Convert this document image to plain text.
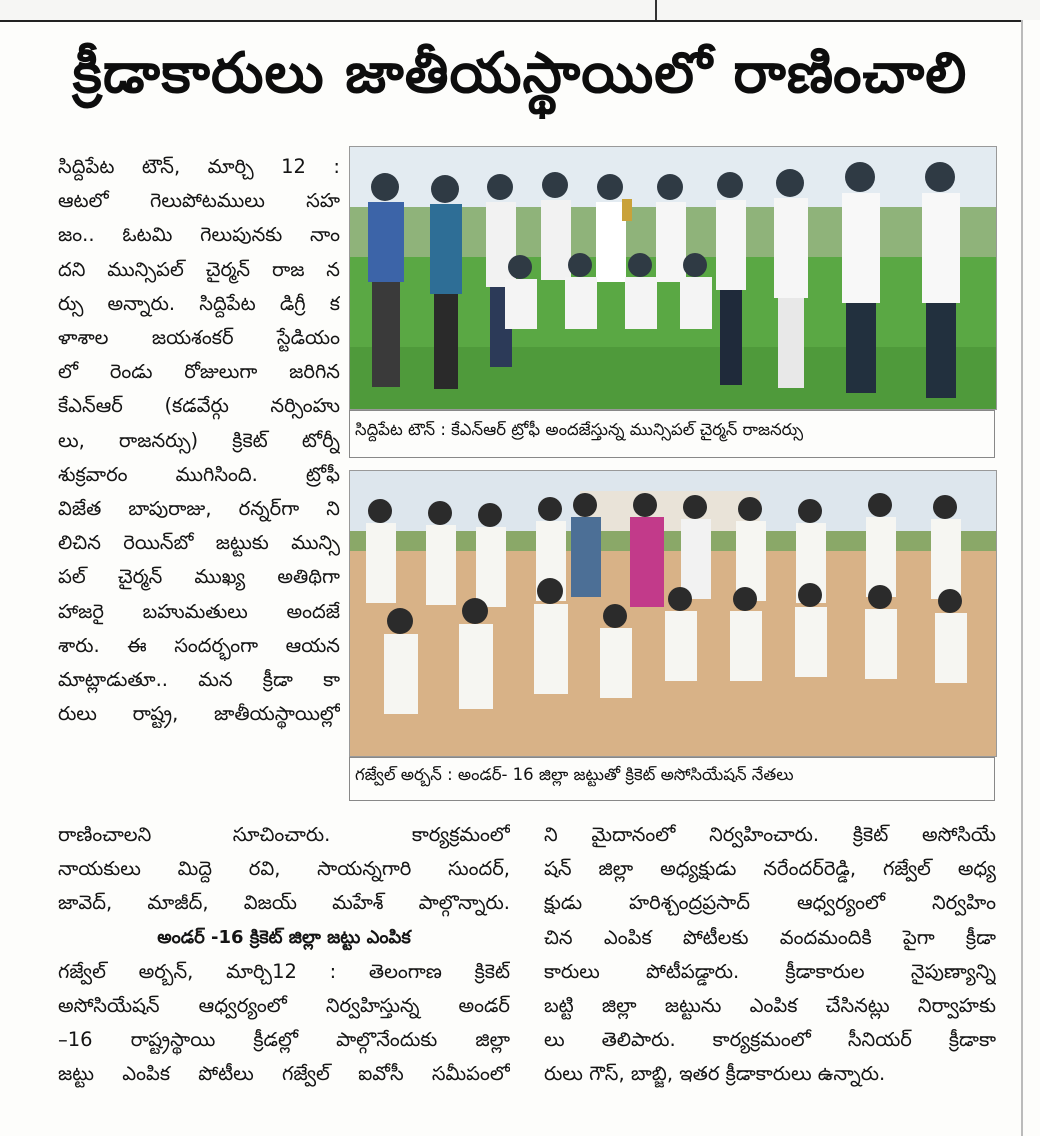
క్రీడాకారులు జాతీయస్థాయిలో రాణించాలి
సిద్దిపేట టౌన్, మార్చి 12 :
ఆటలో గెలుపోటములు సహ
జం.. ఓటమి గెలుపునకు నాం
దని మున్సిపల్ చైర్మన్ రాజ న
ర్సు అన్నారు. సిద్దిపేట డిగ్రీ క
ళాశాల జయశంకర్ స్టేడియం
లో రెండు రోజులుగా జరిగిన
కేఎన్ఆర్ (కడవేర్గు నర్సింహు
లు, రాజనర్సు) క్రికెట్ టోర్నీ
శుక్రవారం ముగిసింది. ట్రోఫీ
విజేత బాపురాజు, రన్నర్‌గా ని
లిచిన రెయిన్‌బో జట్టుకు మున్సి
పల్ చైర్మన్ ముఖ్య అతిథిగా
హాజరై బహుమతులు అందజే
శారు. ఈ సందర్భంగా ఆయన
మాట్లాడుతూ.. మన క్రీడా కా
రులు రాష్ట్ర, జాతీయస్థాయిల్లో
సిద్దిపేట టౌన్ : కేఎన్ఆర్ ట్రోఫీ అందజేస్తున్న మున్సిపల్ చైర్మన్ రాజనర్సు
గజ్వేల్ అర్బన్ : అండర్- 16 జిల్లా జట్టుతో క్రికెట్ అసోసియేషన్ నేతలు
రాణించాలని సూచించారు. కార్యక్రమంలో
నాయకులు మిద్దె రవి, సాయన్నగారి సుందర్,
జావెద్, మాజీద్, విజయ్ మహేశ్ పాల్గొన్నారు.
అండర్ -16 క్రికెట్ జిల్లా జట్టు ఎంపిక
గజ్వేల్ అర్బన్, మార్చి12 : తెలంగాణ క్రికెట్
అసోసియేషన్ ఆధ్వర్యంలో నిర్వహిస్తున్న అండర్
–16 రాష్ట్రస్థాయి క్రీడల్లో పాల్గొనేందుకు జిల్లా
జట్టు ఎంపిక పోటీలు గజ్వేల్ ఐవోసీ సమీపంలో
ని మైదానంలో నిర్వహించారు. క్రికెట్ అసోసియే
షన్ జిల్లా అధ్యక్షుడు నరేందర్‌రెడ్డి, గజ్వేల్ అధ్య
క్షుడు హరిశ్చంద్రప్రసాద్ ఆధ్వర్యంలో నిర్వహిం
చిన ఎంపిక పోటీలకు వందమందికి పైగా క్రీడా
కారులు పోటీపడ్డారు. క్రీడాకారుల నైపుణ్యాన్ని
బట్టి జిల్లా జట్టును ఎంపిక చేసినట్లు నిర్వాహకు
లు తెలిపారు. కార్యక్రమంలో సీనియర్ క్రీడాకా
రులు గౌస్, బాబ్జి, ఇతర క్రీడాకారులు ఉన్నారు.
